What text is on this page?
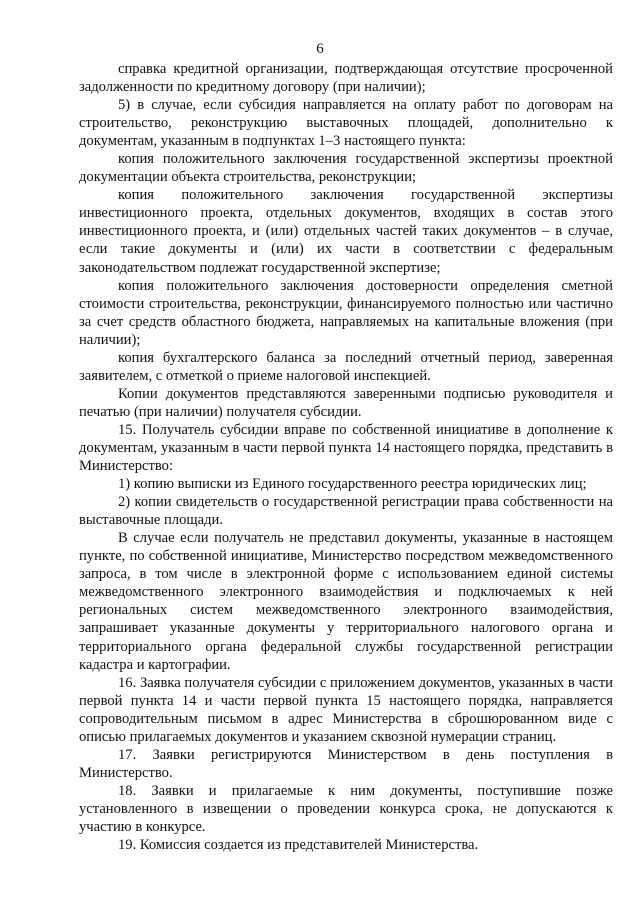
6

справка кредитной организации, подтверждающая отсутствие просроченной задолженности по кредитному договору (при наличии);

5) в случае, если субсидия направляется на оплату работ по договорам на строительство, реконструкцию выставочных площадей, дополнительно к документам, указанным в подпунктах 1–3 настоящего пункта:

копия положительного заключения государственной экспертизы проектной документации объекта строительства, реконструкции;

копия положительного заключения государственной экспертизы инвестиционного проекта, отдельных документов, входящих в состав этого инвестиционного проекта, и (или) отдельных частей таких документов – в случае, если такие документы и (или) их части в соответствии с федеральным законодательством подлежат государственной экспертизе;

копия положительного заключения достоверности определения сметной стоимости строительства, реконструкции, финансируемого полностью или частично за счет средств областного бюджета, направляемых на капитальные вложения (при наличии);

копия бухгалтерского баланса за последний отчетный период, заверенная заявителем, с отметкой о приеме налоговой инспекцией.

Копии документов представляются заверенными подписью руководителя и печатью (при наличии) получателя субсидии.

15. Получатель субсидии вправе по собственной инициативе в дополнение к документам, указанным в части первой пункта 14 настоящего порядка, представить в Министерство:

1) копию выписки из Единого государственного реестра юридических лиц;

2) копии свидетельств о государственной регистрации права собственности на выставочные площади.

В случае если получатель не представил документы, указанные в настоящем пункте, по собственной инициативе, Министерство посредством межведомственного запроса, в том числе в электронной форме с использованием единой системы межведомственного электронного взаимодействия и подключаемых к ней региональных систем межведомственного электронного взаимодействия, запрашивает указанные документы у территориального налогового органа и территориального органа федеральной службы государственной регистрации кадастра и картографии.

16. Заявка получателя субсидии с приложением документов, указанных в части первой пункта 14 и части первой пункта 15 настоящего порядка, направляется сопроводительным письмом в адрес Министерства в сброшюрованном виде с описью прилагаемых документов и указанием сквозной нумерации страниц.

17. Заявки регистрируются Министерством в день поступления в Министерство.

18. Заявки и прилагаемые к ним документы, поступившие позже установленного в извещении о проведении конкурса срока, не допускаются к участию в конкурсе.

19. Комиссия создается из представителей Министерства.
